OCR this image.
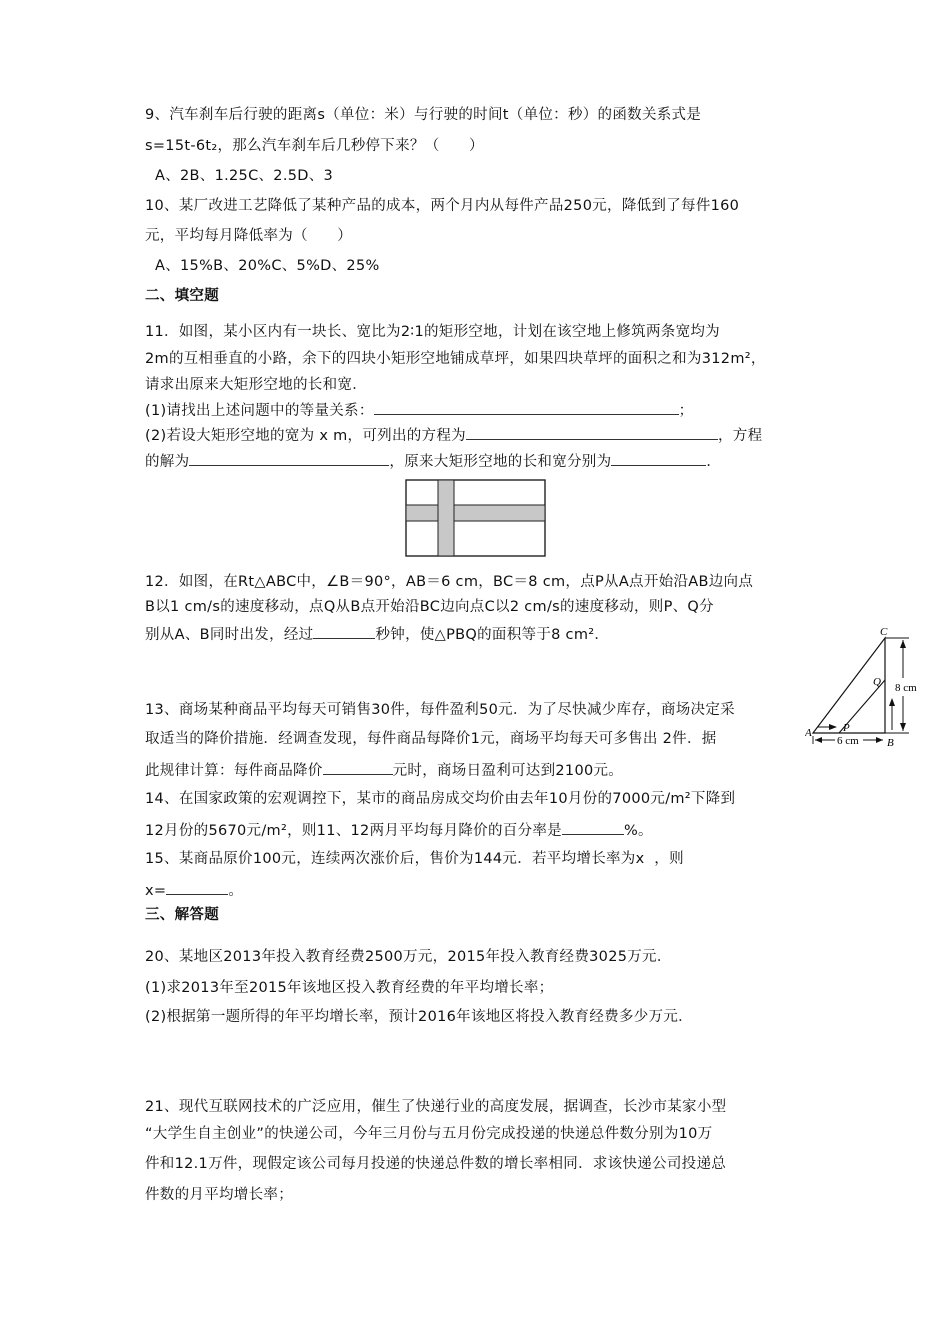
9、汽车刹车后行驶的距离s（单位：米）与行驶的时间t（单位：秒）的函数关系式是
s=15t-6t₂，那么汽车刹车后几秒停下来？（      ）
A、2B、1.25C、2.5D、3
10、某厂改进工艺降低了某种产品的成本，两个月内从每件产品250元，降低到了每件160
元，平均每月降低率为（      ）
A、15%B、20%C、5%D、25%
二、填空题
11．如图，某小区内有一块长、宽比为2∶1的矩形空地，计划在该空地上修筑两条宽均为
2m的互相垂直的小路，余下的四块小矩形空地铺成草坪，如果四块草坪的面积之和为312m²，
请求出原来大矩形空地的长和宽．
(1)请找出上述问题中的等量关系：	；
(2)若设大矩形空地的宽为 x m，可列出的方程为	，方程
的解为	，原来大矩形空地的长和宽分别为	．
12．如图，在Rt△ABC中，∠B＝90°，AB＝6 cm，BC＝8 cm，点P从A点开始沿AB边向点
B以1 cm/s的速度移动，点Q从B点开始沿BC边向点C以2 cm/s的速度移动，则P、Q分
别从A、B同时出发，经过	秒钟，使△PBQ的面积等于8 cm²．	C
Q
P
A
B
8 cm
6 cm
13、商场某种商品平均每天可销售30件，每件盈利50元．为了尽快减少库存，商场决定采
取适当的降价措施．经调查发现，每件商品每降价1元，商场平均每天可多售出 2件．据
此规律计算：每件商品降价	元时，商场日盈利可达到2100元。
14、在国家政策的宏观调控下，某市的商品房成交均价由去年10月份的7000元/m²下降到
12月份的5670元/m²，则11、12两月平均每月降价的百分率是	%。
15、某商品原价100元，连续两次涨价后，售价为144元．若平均增长率为x  ，则
x=	。
三、解答题
20、某地区2013年投入教育经费2500万元，2015年投入教育经费3025万元．
(1)求2013年至2015年该地区投入教育经费的年平均增长率；
(2)根据第一题所得的年平均增长率，预计2016年该地区将投入教育经费多少万元．
21、现代互联网技术的广泛应用，催生了快递行业的高度发展，据调查，长沙市某家小型
“大学生自主创业”的快递公司，今年三月份与五月份完成投递的快递总件数分别为10万
件和12.1万件，现假定该公司每月投递的快递总件数的增长率相同．求该快递公司投递总
件数的月平均增长率；
